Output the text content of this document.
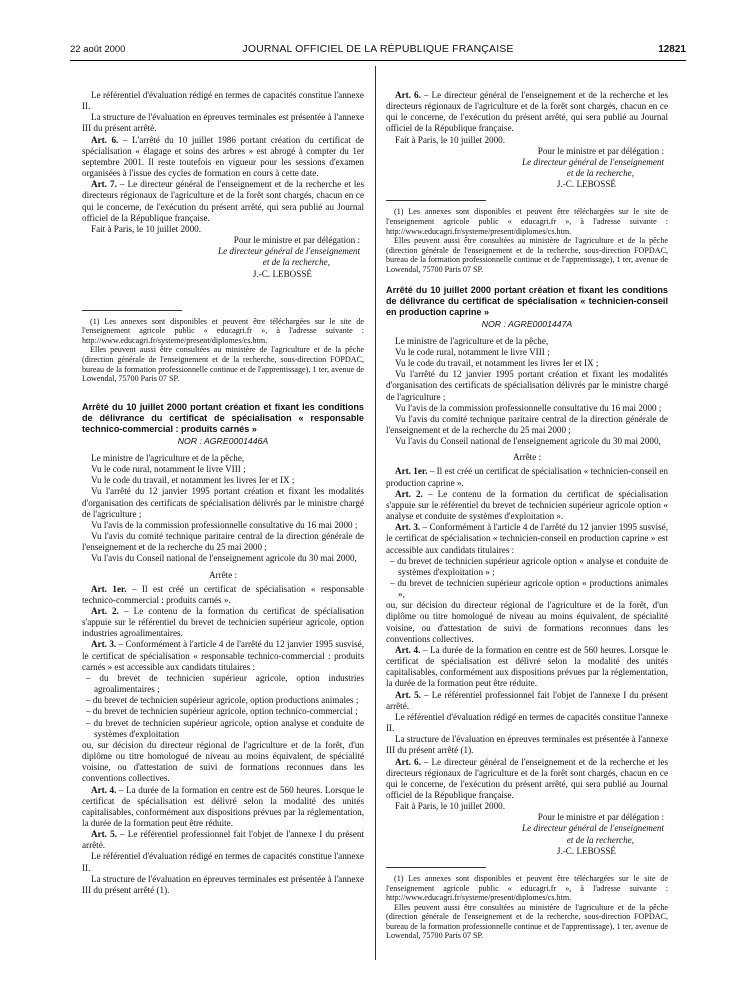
22 août 2000	JOURNAL OFFICIEL DE LA RÉPUBLIQUE FRANÇAISE	12821

Le référentiel d'évaluation rédigé en termes de capacités constitue l'annexe II.

La structure de l'évaluation en épreuves terminales est présentée à l'annexe III du présent arrêté.

Art. 6. – L'arrêté du 10 juillet 1986 portant création du certificat de spécialisation « élagage et soins des arbres » est abrogé à compter du 1er septembre 2001. Il reste toutefois en vigueur pour les sessions d'examen organisées à l'issue des cycles de formation en cours à cette date.

Art. 7. – Le directeur général de l'enseignement et de la recherche et les directeurs régionaux de l'agriculture et de la forêt sont chargés, chacun en ce qui le concerne, de l'exécution du présent arrêté, qui sera publié au Journal officiel de la République française.

Fait à Paris, le 10 juillet 2000.

Pour le ministre et par délégation :
Le directeur général de l'enseignement
et de la recherche,
J.-C. LEBOSSÉ

(1) Les annexes sont disponibles et peuvent être téléchargées sur le site de l'enseignement agricole public « educagri.fr », à l'adresse suivante : http://www.educagri.fr/systeme/present/diplomes/cs.htm.

Elles peuvent aussi être consultées au ministère de l'agriculture et de la pêche (direction générale de l'enseignement et de la recherche, sous-direction FOPDAC, bureau de la formation professionnelle continue et de l'apprentissage), 1 ter, avenue de Lowendal, 75700 Paris 07 SP.

Arrêté du 10 juillet 2000 portant création et fixant les conditions de délivrance du certificat de spécialisation « responsable technico-commercial : produits carnés »
NOR : AGRE0001446A

Le ministre de l'agriculture et de la pêche,

Vu le code rural, notamment le livre VIII ;

Vu le code du travail, et notamment les livres Ier et IX ;

Vu l'arrêté du 12 janvier 1995 portant création et fixant les modalités d'organisation des certificats de spécialisation délivrés par le ministre chargé de l'agriculture ;

Vu l'avis de la commission professionnelle consultative du 16 mai 2000 ;

Vu l'avis du comité technique paritaire central de la direction générale de l'enseignement et de la recherche du 25 mai 2000 ;

Vu l'avis du Conseil national de l'enseignement agricole du 30 mai 2000,

Arrête :

Art. 1er. – Il est créé un certificat de spécialisation « responsable technico-commercial : produits carnés ».

Art. 2. – Le contenu de la formation du certificat de spécialisation s'appuie sur le référentiel du brevet de technicien supérieur agricole, option industries agroalimentaires.

Art. 3. – Conformément à l'article 4 de l'arrêté du 12 janvier 1995 susvisé, le certificat de spécialisation « responsable technico-commercial : produits carnés » est accessible aux candidats titulaires :

– du brevet de technicien supérieur agricole, option industries agroalimentaires ;

– du brevet de technicien supérieur agricole, option productions animales ;

– du brevet de technicien supérieur agricole, option technico-commercial ;

– du brevet de technicien supérieur agricole, option analyse et conduite de systèmes d'exploitation

ou, sur décision du directeur régional de l'agriculture et de la forêt, d'un diplôme ou titre homologué de niveau au moins équivalent, de spécialité voisine, ou d'attestation de suivi de formations reconnues dans les conventions collectives.

Art. 4. – La durée de la formation en centre est de 560 heures. Lorsque le certificat de spécialisation est délivré selon la modalité des unités capitalisables, conformément aux dispositions prévues par la réglementation, la durée de la formation peut être réduite.

Art. 5. – Le référentiel professionnel fait l'objet de l'annexe I du présent arrêté.

Le référentiel d'évaluation rédigé en termes de capacités constitue l'annexe II.

La structure de l'évaluation en épreuves terminales est présentée à l'annexe III du présent arrêté (1).

Art. 6. – Le directeur général de l'enseignement et de la recherche et les directeurs régionaux de l'agriculture et de la forêt sont chargés, chacun en ce qui le concerne, de l'exécution du présent arrêté, qui sera publié au Journal officiel de la République française.

Fait à Paris, le 10 juillet 2000.

Pour le ministre et par délégation :
Le directeur général de l'enseignement
et de la recherche,
J.-C. LEBOSSÉ

(1) Les annexes sont disponibles et peuvent être téléchargées sur le site de l'enseignement agricole public « educagri.fr », à l'adresse suivante : http://www.educagri.fr/systeme/present/diplomes/cs.htm.

Elles peuvent aussi être consultées au ministère de l'agriculture et de la pêche (direction générale de l'enseignement et de la recherche, sous-direction FOPDAC, bureau de la formation professionnelle continue et de l'apprentissage), 1 ter, avenue de Lowendal, 75700 Paris 07 SP.

Arrêté du 10 juillet 2000 portant création et fixant les conditions de délivrance du certificat de spécialisation « technicien-conseil en production caprine »
NOR : AGRE0001447A

Le ministre de l'agriculture et de la pêche,

Vu le code rural, notamment le livre VIII ;

Vu le code du travail, et notamment les livres Ier et IX ;

Vu l'arrêté du 12 janvier 1995 portant création et fixant les modalités d'organisation des certificats de spécialisation délivrés par le ministre chargé de l'agriculture ;

Vu l'avis de la commission professionnelle consultative du 16 mai 2000 ;

Vu l'avis du comité technique paritaire central de la direction générale de l'enseignement et de la recherche du 25 mai 2000 ;

Vu l'avis du Conseil national de l'enseignement agricole du 30 mai 2000,

Arrête :

Art. 1er. – Il est créé un certificat de spécialisation « technicien-conseil en production caprine ».

Art. 2. – Le contenu de la formation du certificat de spécialisation s'appuie sur le référentiel du brevet de technicien supérieur agricole option « analyse et conduite de systèmes d'exploitation ».

Art. 3. – Conformément à l'article 4 de l'arrêté du 12 janvier 1995 susvisé, le certificat de spécialisation « technicien-conseil en production caprine » est accessible aux candidats titulaires :

– du brevet de technicien supérieur agricole option « analyse et conduite de systèmes d'exploitation » ;

– du brevet de technicien supérieur agricole option « productions animales »,

ou, sur décision du directeur régional de l'agriculture et de la forêt, d'un diplôme ou titre homologué de niveau au moins équivalent, de spécialité voisine, ou d'attestation de suivi de formations reconnues dans les conventions collectives.

Art. 4. – La durée de la formation en centre est de 560 heures. Lorsque le certificat de spécialisation est délivré selon la modalité des unités capitalisables, conformément aux dispositions prévues par la réglementation, la durée de la formation peut être réduite.

Art. 5. – Le référentiel professionnel fait l'objet de l'annexe I du présent arrêté.

Le référentiel d'évaluation rédigé en termes de capacités constitue l'annexe II.

La structure de l'évaluation en épreuves terminales est présentée à l'annexe III du présent arrêté (1).

Art. 6. – Le directeur général de l'enseignement et de la recherche et les directeurs régionaux de l'agriculture et de la forêt sont chargés, chacun en ce qui le concerne, de l'exécution du présent arrêté, qui sera publié au Journal officiel de la République française.

Fait à Paris, le 10 juillet 2000.

Pour le ministre et par délégation :
Le directeur général de l'enseignement
et de la recherche,
J.-C. LEBOSSÉ

(1) Les annexes sont disponibles et peuvent être téléchargées sur le site de l'enseignement agricole public « educagri.fr », à l'adresse suivante : http://www.educagri.fr/systeme/present/diplomes/cs.htm.

Elles peuvent aussi être consultées au ministère de l'agriculture et de la pêche (direction générale de l'enseignement et de la recherche, sous-direction FOPDAC, bureau de la formation professionnelle continue et de l'apprentissage), 1 ter, avenue de Lowendal, 75700 Paris 07 SP.
